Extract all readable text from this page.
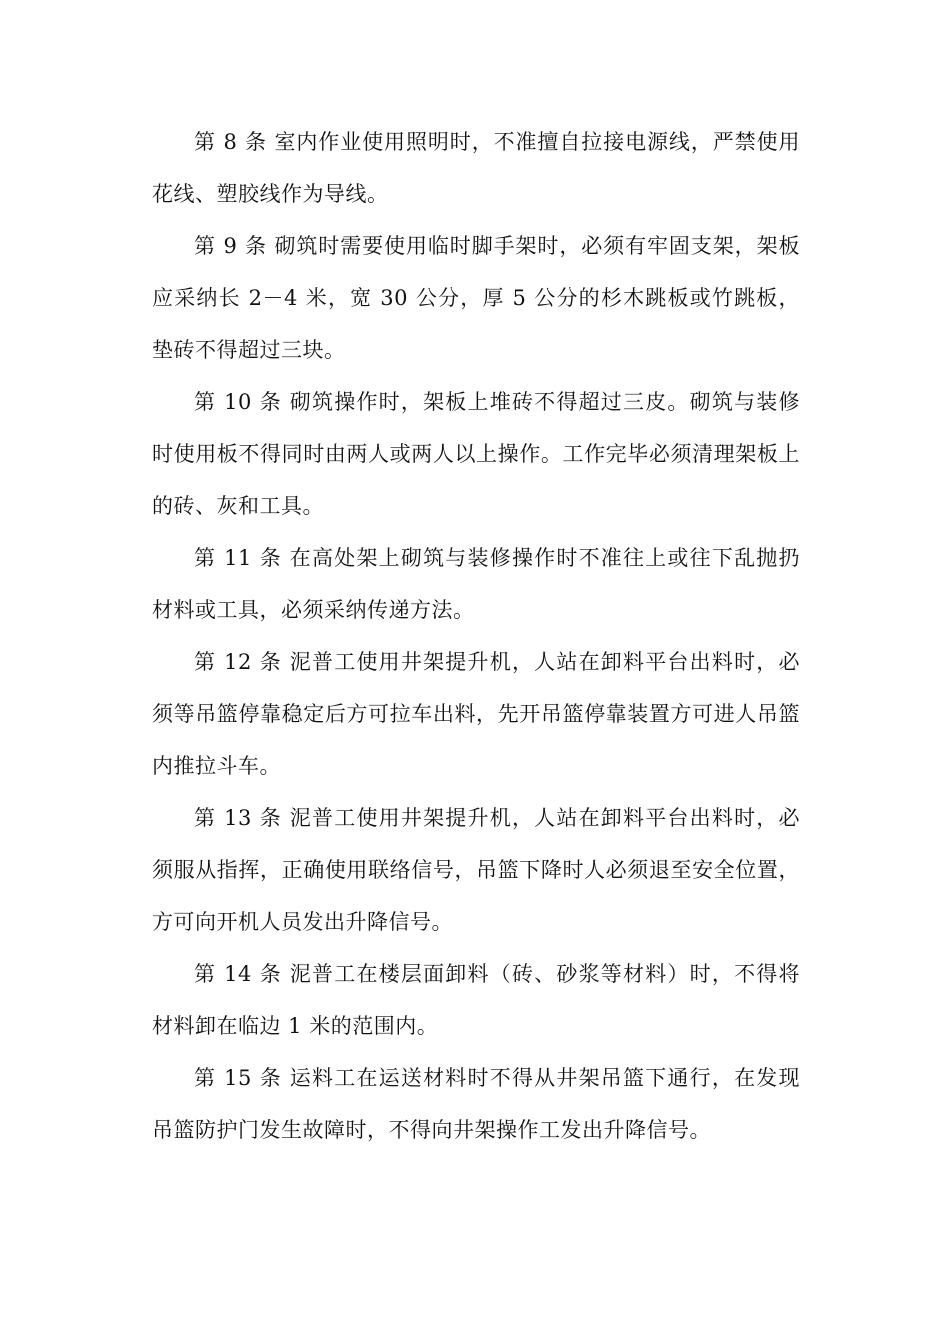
第 8 条 室内作业使用照明时，不准擅自拉接电源线，严禁使用花线、塑胶线作为导线。

第 9 条 砌筑时需要使用临时脚手架时，必须有牢固支架，架板应采纳长 2－4 米，宽 30 公分，厚 5 公分的杉木跳板或竹跳板，垫砖不得超过三块。

第 10 条 砌筑操作时，架板上堆砖不得超过三皮。砌筑与装修时使用板不得同时由两人或两人以上操作。工作完毕必须清理架板上的砖、灰和工具。

第 11 条 在高处架上砌筑与装修操作时不准往上或往下乱抛扔材料或工具，必须采纳传递方法。

第 12 条 泥普工使用井架提升机，人站在卸料平台出料时，必须等吊篮停靠稳定后方可拉车出料，先开吊篮停靠装置方可进人吊篮内推拉斗车。

第 13 条 泥普工使用井架提升机，人站在卸料平台出料时，必须服从指挥，正确使用联络信号，吊篮下降时人必须退至安全位置，方可向开机人员发出升降信号。

第 14 条 泥普工在楼层面卸料（砖、砂浆等材料）时，不得将材料卸在临边 1 米的范围内。

第 15 条 运料工在运送材料时不得从井架吊篮下通行，在发现吊篮防护门发生故障时，不得向井架操作工发出升降信号。
